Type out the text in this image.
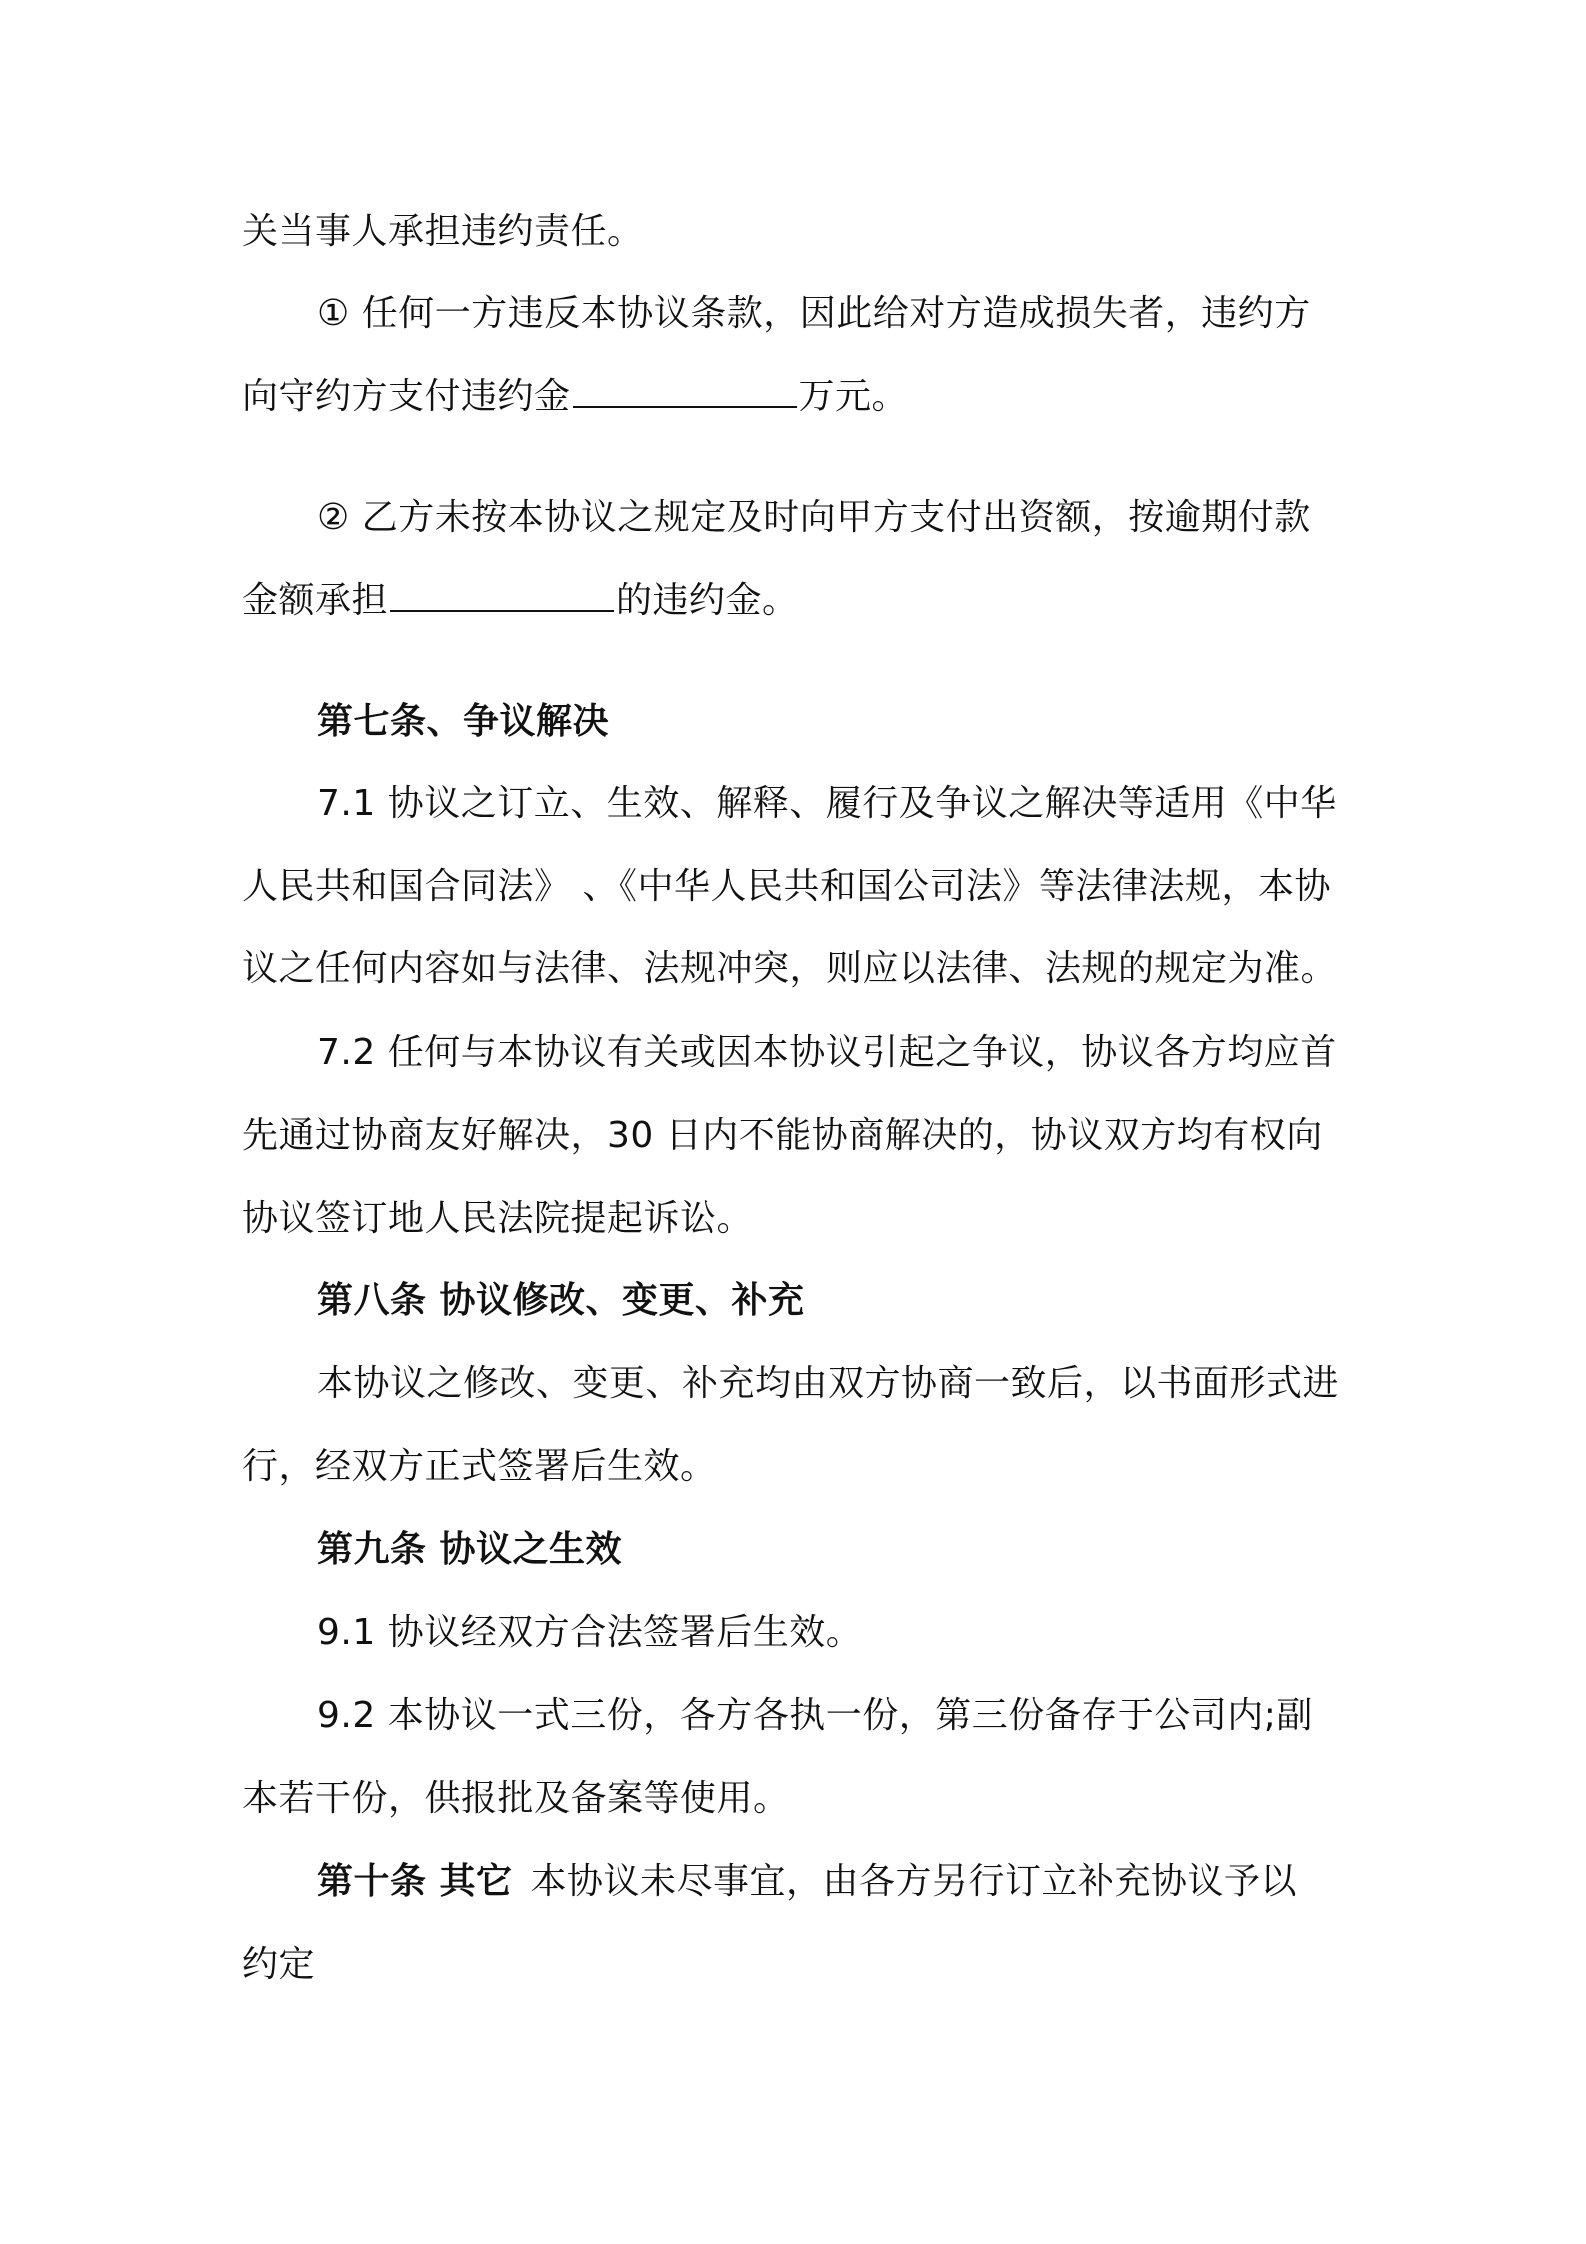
关当事人承担违约责任。
① 任何一方违反本协议条款，因此给对方造成损失者，违约方
向守约方支付违约金	万元。
② 乙方未按本协议之规定及时向甲方支付出资额，按逾期付款
金额承担	的违约金。
第七条、争议解决
7.1 协议之订立、生效、解释、履行及争议之解决等适用《中华
人民共和国合同法》 、《中华人民共和国公司法》等法律法规，本协
议之任何内容如与法律、法规冲突，则应以法律、法规的规定为准。
7.2 任何与本协议有关或因本协议引起之争议，协议各方均应首
先通过协商友好解决，30 日内不能协商解决的，协议双方均有权向
协议签订地人民法院提起诉讼。
第八条 协议修改、变更、补充
本协议之修改、变更、补充均由双方协商一致后，以书面形式进
行，经双方正式签署后生效。
第九条 协议之生效
9.1 协议经双方合法签署后生效。
9.2 本协议一式三份，各方各执一份，第三份备存于公司内;副
本若干份，供报批及备案等使用。
第十条 其它 本协议未尽事宜，由各方另行订立补充协议予以
约定
